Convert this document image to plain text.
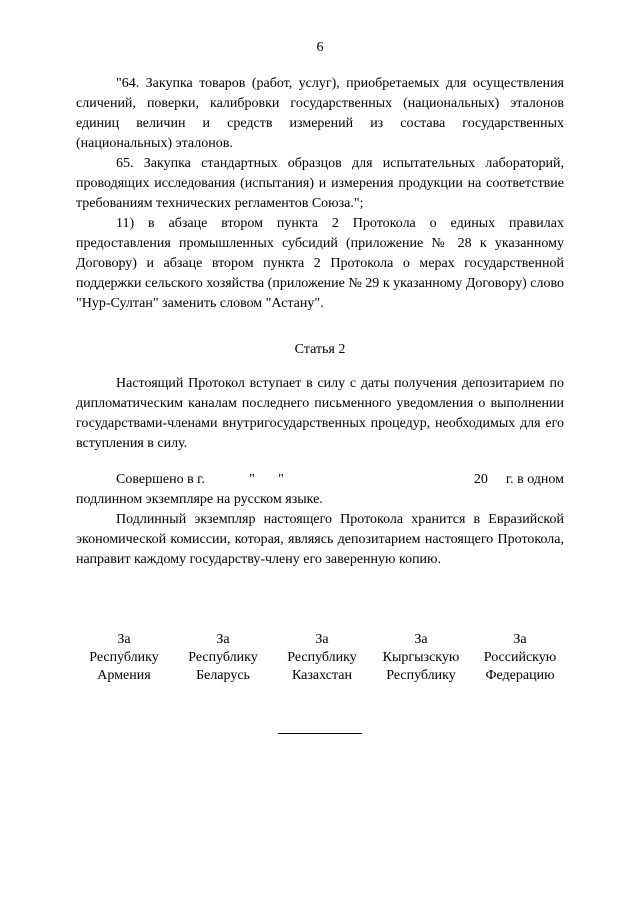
6

"64. Закупка товаров (работ, услуг), приобретаемых для осуществления сличений, поверки, калибровки государственных (национальных) эталонов единиц величин и средств измерений из состава государственных (национальных) эталонов.

65. Закупка стандартных образцов для испытательных лабораторий, проводящих исследования (испытания) и измерения продукции на соответствие требованиям технических регламентов Союза.";

11) в абзаце втором пункта 2 Протокола о единых правилах предоставления промышленных субсидий (приложение № 28 к указанному Договору) и абзаце втором пункта 2 Протокола о мерах государственной поддержки сельского хозяйства (приложение № 29 к указанному Договору) слово "Нур-Султан" заменить словом "Астану".

Статья 2

Настоящий Протокол вступает в силу с даты получения депозитарием по дипломатическим каналам последнего письменного уведомления о выполнении государствами-членами внутригосударственных процедур, необходимых для его вступления в силу.

Совершено в г.	"	"	20	г. в одном

подлинном экземпляре на русском языке.

Подлинный экземпляр настоящего Протокола хранится в Евразийской экономической комиссии, которая, являясь депозитарием настоящего Протокола, направит каждому государству-члену его заверенную копию.

За
Республику
Армения
За
Республику
Беларусь
За
Республику
Казахстан
За
Кыргызскую
Республику
За
Российскую
Федерацию
